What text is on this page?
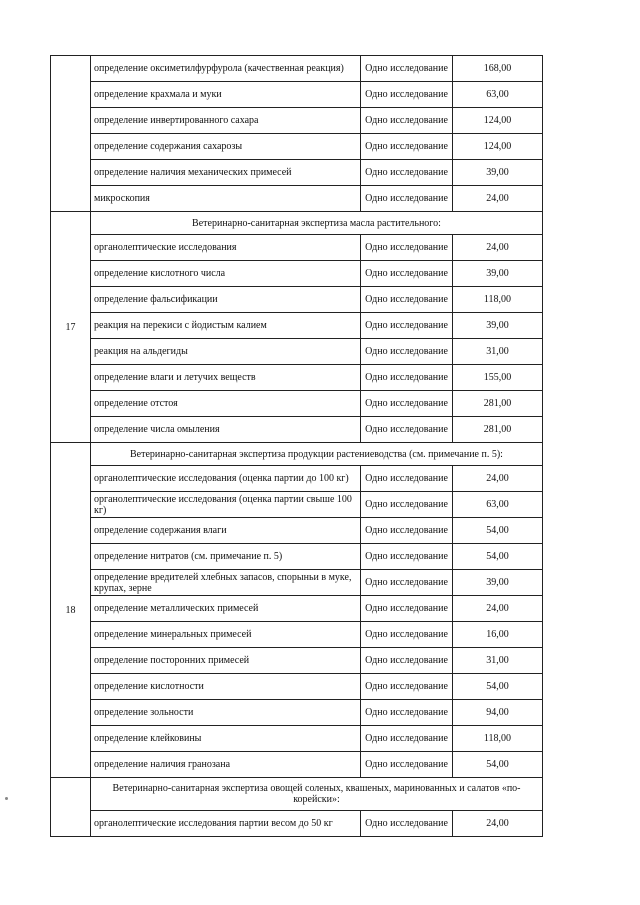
	определение оксиметилфурфурола (качественная реакция)	Одно исследование	168,00
	определение крахмала и муки	Одно исследование	63,00
	определение инвертированного сахара	Одно исследование	124,00
	определение содержания сахарозы	Одно исследование	124,00
	определение наличия механических примесей	Одно исследование	39,00
	микроскопия	Одно исследование	24,00
17	Ветеринарно-санитарная экспертиза масла растительного:		
	органолептические исследования	Одно исследование	24,00
	определение кислотного числа	Одно исследование	39,00
	определение фальсификации	Одно исследование	118,00
	реакция на перекиси с йодистым калием	Одно исследование	39,00
	реакция на альдегиды	Одно исследование	31,00
	определение влаги и летучих веществ	Одно исследование	155,00
	определение отстоя	Одно исследование	281,00
	определение числа омыления	Одно исследование	281,00
18	Ветеринарно-санитарная экспертиза продукции растениеводства (см. примечание п. 5):		
	органолептические исследования (оценка партии до 100 кг)	Одно исследование	24,00
	органолептические исследования (оценка партии свыше 100 кг)	Одно исследование	63,00
	определение содержания влаги	Одно исследование	54,00
	определение нитратов (см. примечание п. 5)	Одно исследование	54,00
	определение вредителей хлебных запасов, спорыньи в муке, крупах, зерне	Одно исследование	39,00
	определение металлических примесей	Одно исследование	24,00
	определение минеральных примесей	Одно исследование	16,00
	определение посторонних примесей	Одно исследование	31,00
	определение кислотности	Одно исследование	54,00
	определение зольности	Одно исследование	94,00
	определение клейковины	Одно исследование	118,00
	определение наличия гранозана	Одно исследование	54,00
	Ветеринарно-санитарная экспертиза овощей соленых, квашеных, маринованных и салатов «по-корейски»:		
	органолептические исследования партии весом до 50 кг	Одно исследование	24,00
